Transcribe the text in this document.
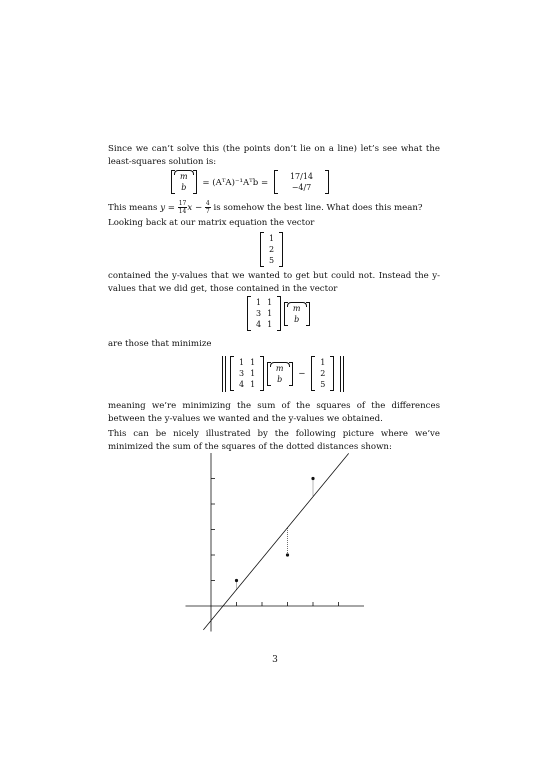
Since we can’t solve this (the points don’t lie on a line) let’s see what the least-squares solution is:

m
b = (AᵀA)⁻¹Aᵀb =
17/14
−4/7

This means $y = \frac{17}{14}$ $x - \frac{4}{7}$ is somehow the best line. What does this mean?

Looking back at our matrix equation the vector

1
2
5

contained the y-values that we wanted to get but could not. Instead the y-values that we did get, those contained in the vector

1	1
3	1
4	1

m
b

are those that minimize

1	1
3	1
4	1

m
b −
1
2
5

meaning we’re minimizing the sum of the squares of the differences between the y-values we wanted and the y-values we obtained.

This can be nicely illustrated by the following picture where we’ve minimized the sum of the squares of the dotted distances shown:

3
